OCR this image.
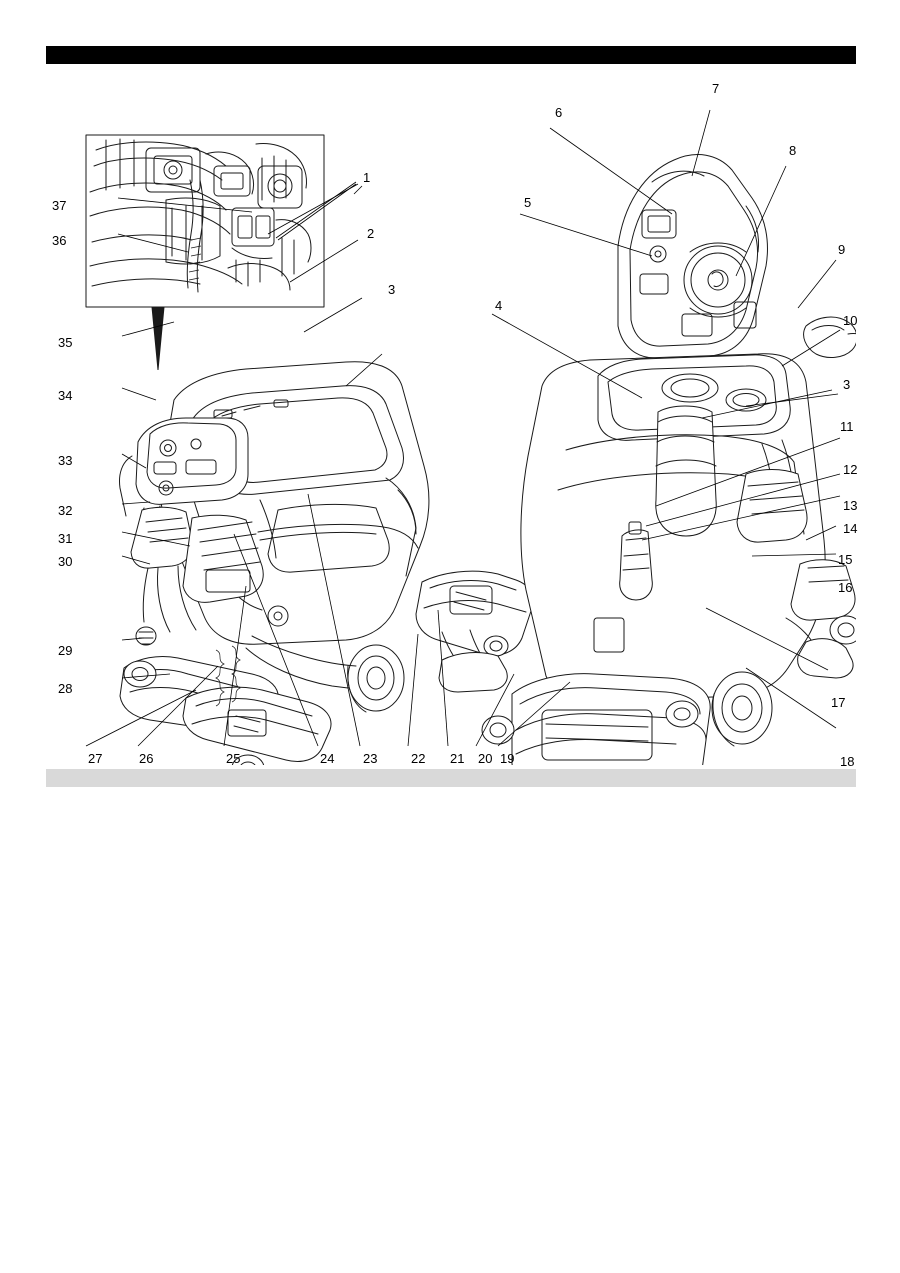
1
2
3
4
5
6
7
8
9
10
3
11
12
13
14
15
16
17
18
19
20
21
22
23
24
25
26
27
28
29
30
31
32
33
34
35
36
37
